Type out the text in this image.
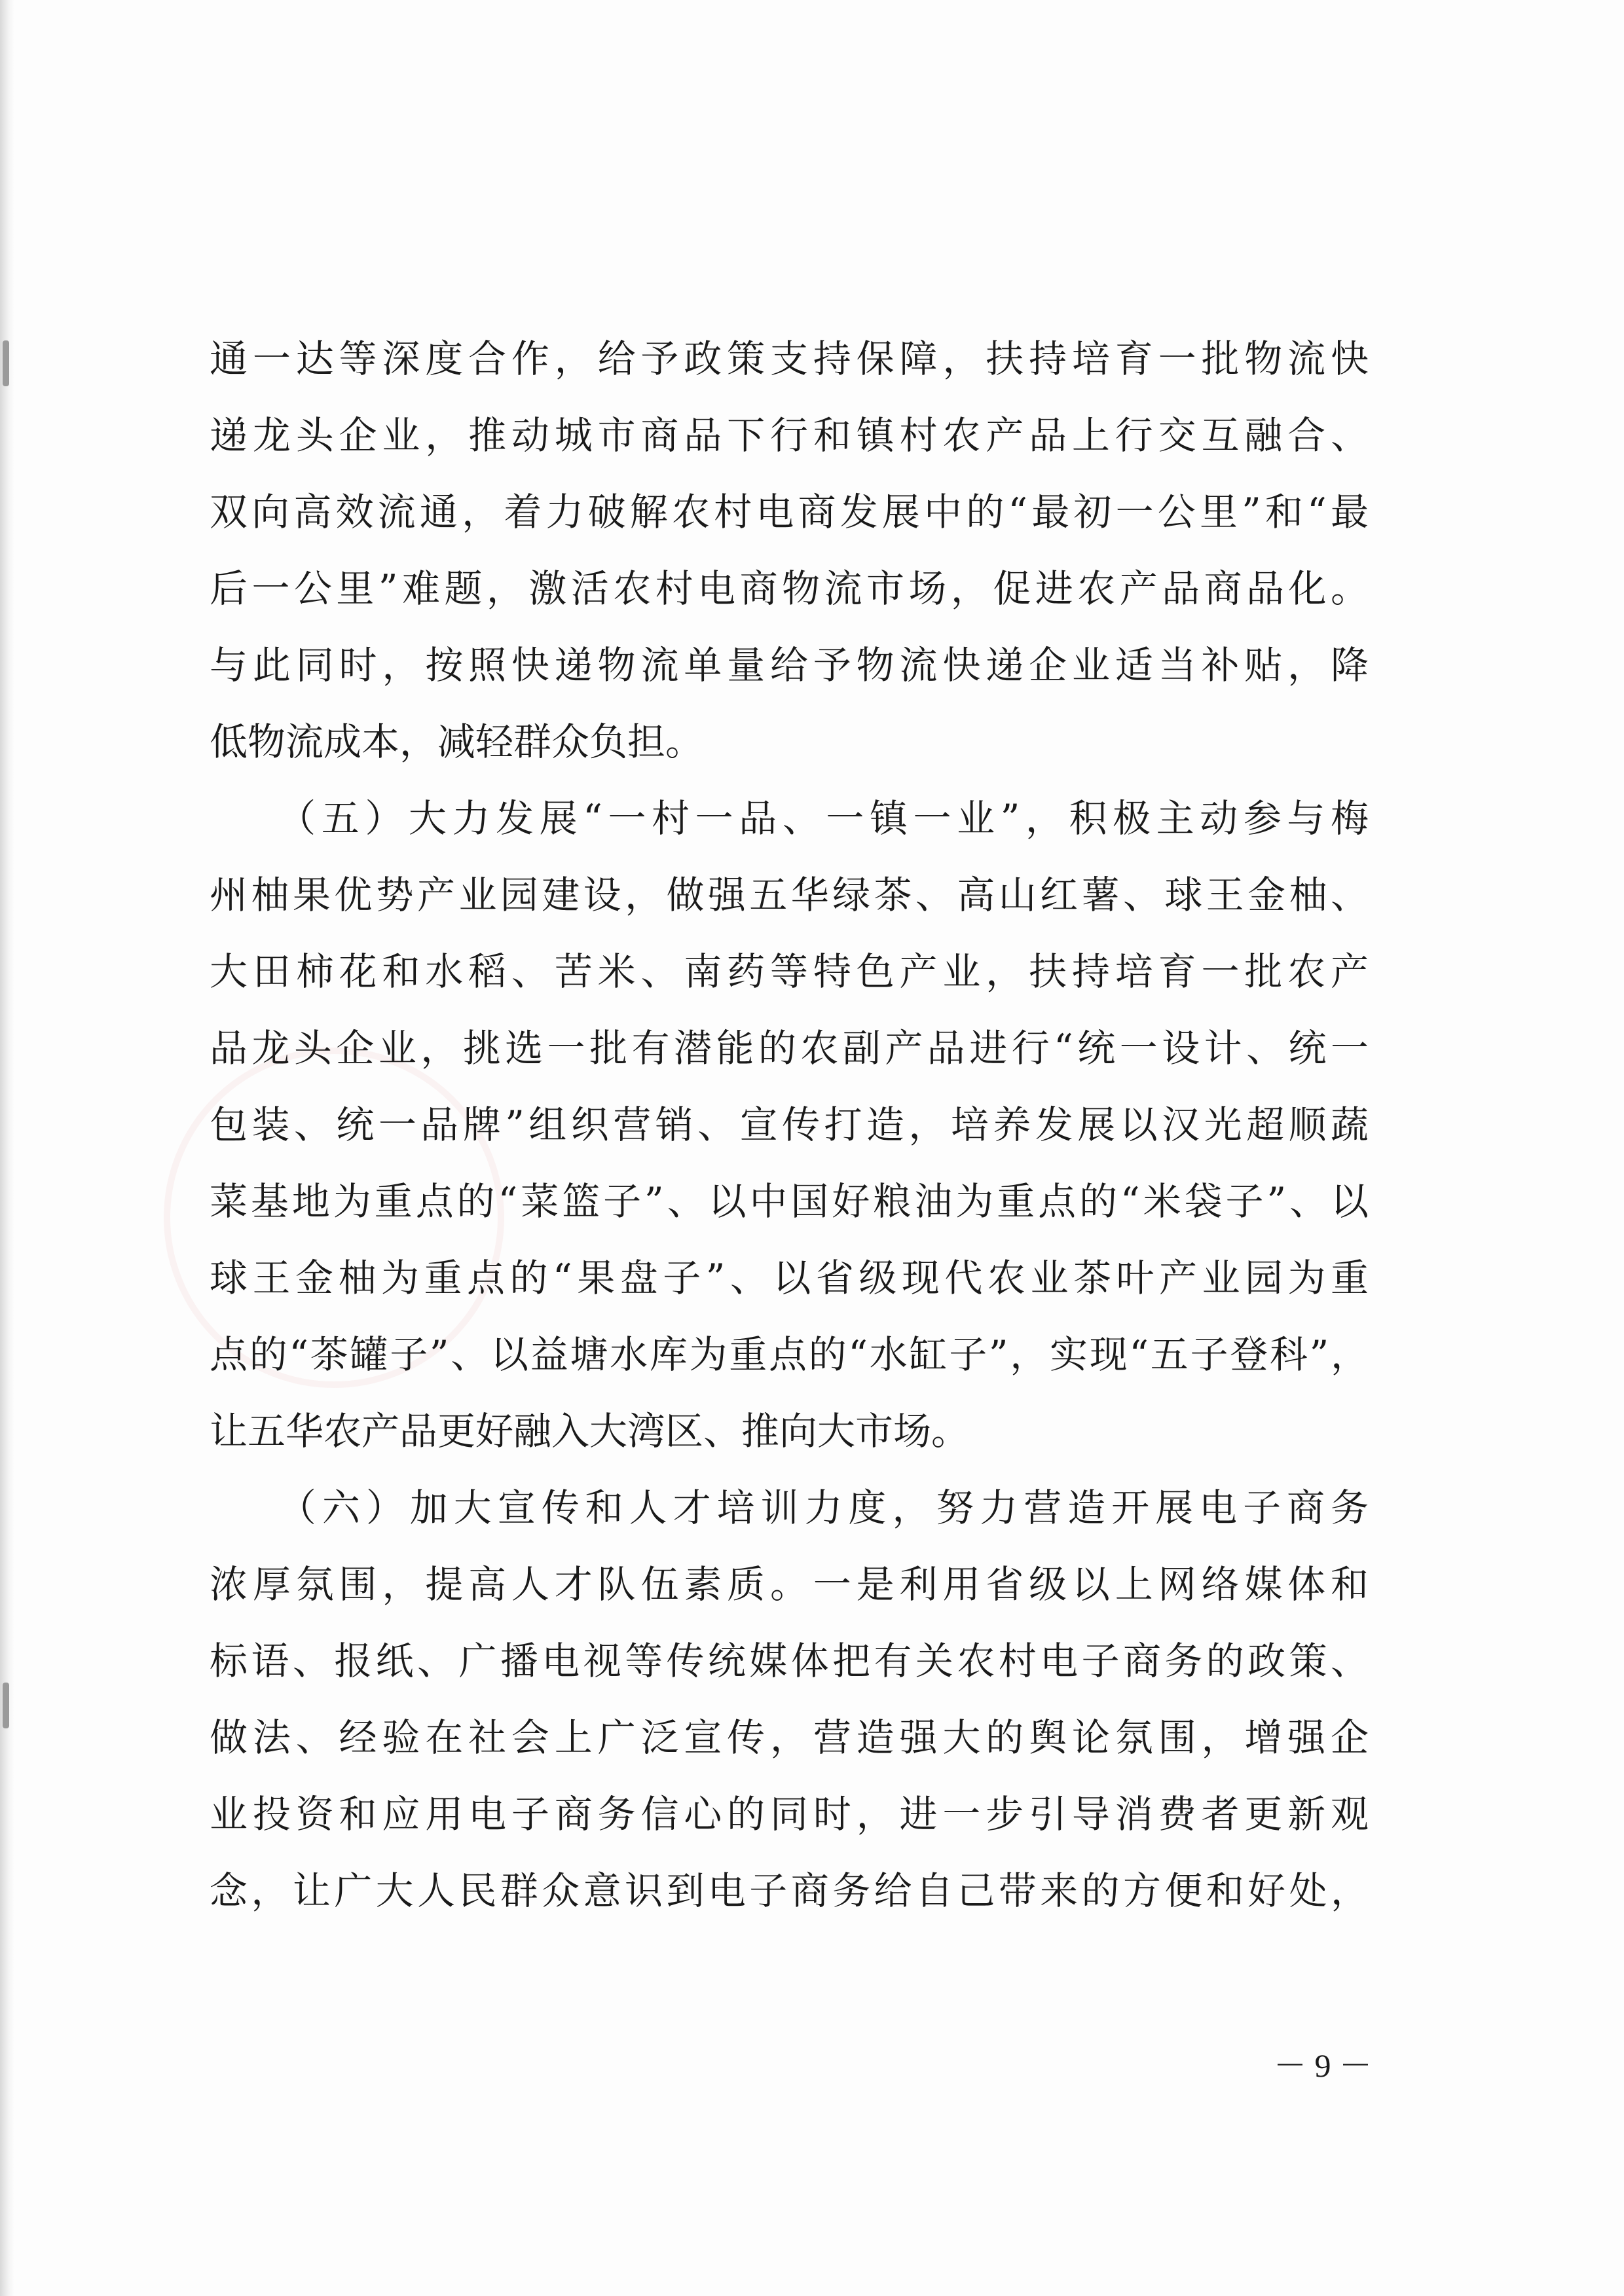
通一达等深度合作，给予政策支持保障，扶持培育一批物流快
递龙头企业，推动城市商品下行和镇村农产品上行交互融合、
双向高效流通，着力破解农村电商发展中的“最初一公里”和“最
后一公里”难题，激活农村电商物流市场，促进农产品商品化。
与此同时，按照快递物流单量给予物流快递企业适当补贴，降
低物流成本，减轻群众负担。
　　（五）大力发展“一村一品、一镇一业”，积极主动参与梅
州柚果优势产业园建设，做强五华绿茶、高山红薯、球王金柚、
大田柿花和水稻、苦米、南药等特色产业，扶持培育一批农产
品龙头企业，挑选一批有潜能的农副产品进行“统一设计、统一
包装、统一品牌”组织营销、宣传打造，培养发展以汉光超顺蔬
菜基地为重点的“菜篮子”、以中国好粮油为重点的“米袋子”、以
球王金柚为重点的“果盘子”、以省级现代农业茶叶产业园为重
点的“茶罐子”、以益塘水库为重点的“水缸子”，实现“五子登科”，
让五华农产品更好融入大湾区、推向大市场。
　　（六）加大宣传和人才培训力度，努力营造开展电子商务
浓厚氛围，提高人才队伍素质。一是利用省级以上网络媒体和
标语、报纸、广播电视等传统媒体把有关农村电子商务的政策、
做法、经验在社会上广泛宣传，营造强大的舆论氛围，增强企
业投资和应用电子商务信心的同时，进一步引导消费者更新观
念，让广大人民群众意识到电子商务给自己带来的方便和好处，
－ 9 －
